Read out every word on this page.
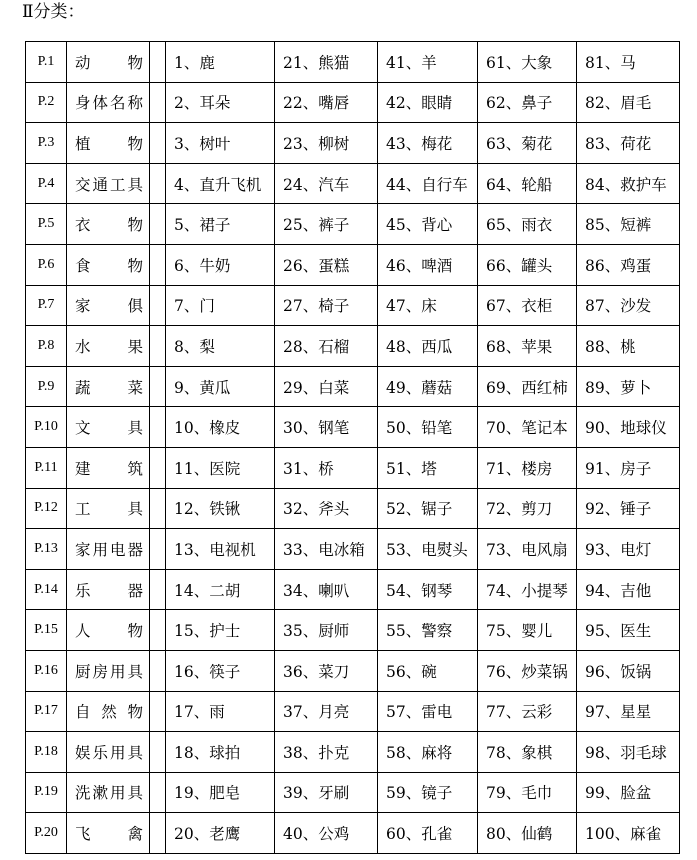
Ⅱ分类：
P.1	动 物		1、鹿	21、熊猫	41、羊	61、大象	81、马
P.2	身 体 名 称		2、耳朵	22、嘴唇	42、眼睛	62、鼻子	82、眉毛
P.3	植 物		3、树叶	23、柳树	43、梅花	63、菊花	83、荷花
P.4	交 通 工 具		4、直升飞机	24、汽车	44、自行车	64、轮船	84、救护车
P.5	衣 物		5、裙子	25、裤子	45、背心	65、雨衣	85、短裤
P.6	食 物		6、牛奶	26、蛋糕	46、啤酒	66、罐头	86、鸡蛋
P.7	家 俱		7、门	27、椅子	47、床	67、衣柜	87、沙发
P.8	水 果		8、梨	28、石榴	48、西瓜	68、苹果	88、桃
P.9	蔬 菜		9、黄瓜	29、白菜	49、蘑菇	69、西红柿	89、萝卜
P.10	文 具		10、橡皮	30、钢笔	50、铅笔	70、笔记本	90、地球仪
P.11	建 筑		11、医院	31、桥	51、塔	71、楼房	91、房子
P.12	工 具		12、铁锹	32、斧头	52、锯子	72、剪刀	92、锤子
P.13	家 用 电 器		13、电视机	33、电冰箱	53、电熨头	73、电风扇	93、电灯
P.14	乐 器		14、二胡	34、喇叭	54、钢琴	74、小提琴	94、吉他
P.15	人 物		15、护士	35、厨师	55、警察	75、婴儿	95、医生
P.16	厨 房 用 具		16、筷子	36、菜刀	56、碗	76、炒菜锅	96、饭锅
P.17	自 然 物		17、雨	37、月亮	57、雷电	77、云彩	97、星星
P.18	娱 乐 用 具		18、球拍	38、扑克	58、麻将	78、象棋	98、羽毛球
P.19	洗 漱 用 具		19、肥皂	39、牙刷	59、镜子	79、毛巾	99、脸盆
P.20	飞 禽		20、老鹰	40、公鸡	60、孔雀	80、仙鹤	100、麻雀
